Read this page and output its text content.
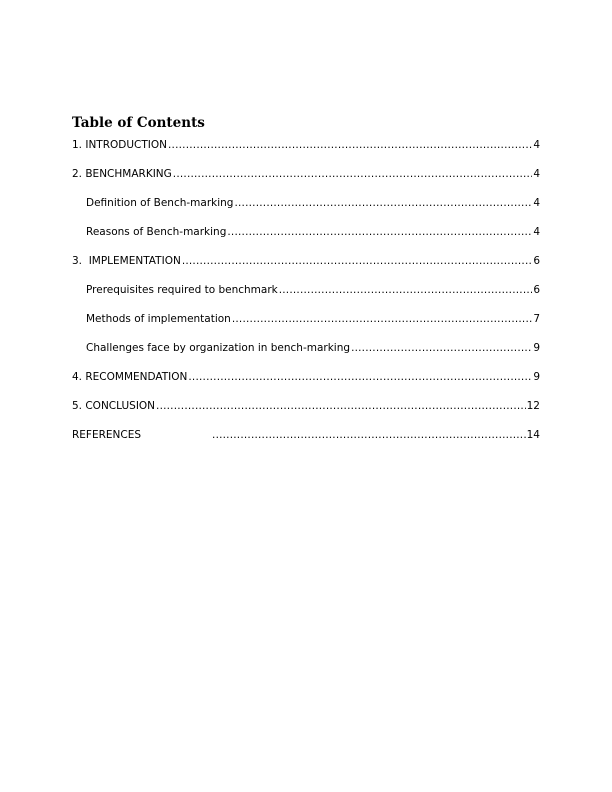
Table of Contents
1. INTRODUCTION .....	4
2. BENCHMARKING .....	4
Definition of Bench-marking .....	4
Reasons of Bench-marking .....	4
3.  IMPLEMENTATION .....	6
Prerequisites required to benchmark .....	6
Methods of implementation .....	7
Challenges face by organization in bench-marking .....	9
4. RECOMMENDATION .....	9
5. CONCLUSION .....	12
REFERENCES .....	14
